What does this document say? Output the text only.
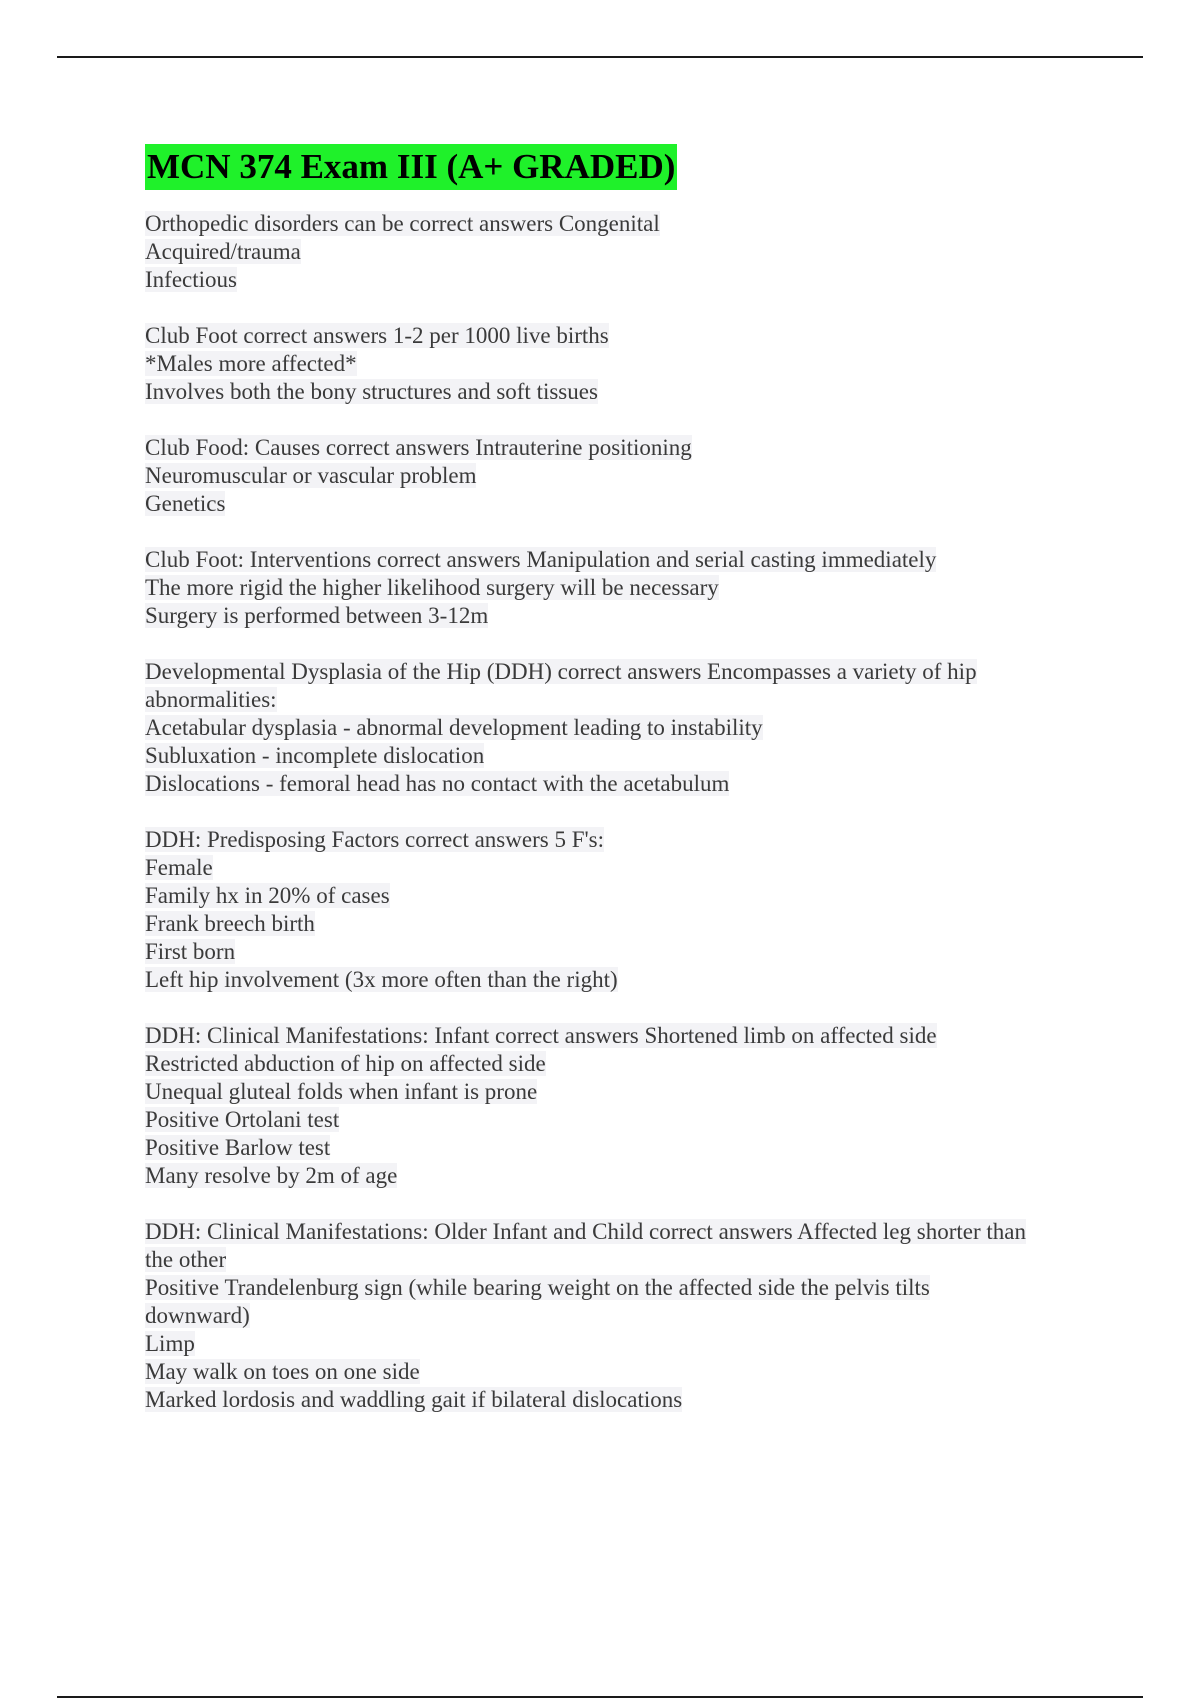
MCN 374 Exam III (A+ GRADED)
Orthopedic disorders can be correct answers Congenital
Acquired/trauma
Infectious
Club Foot correct answers 1-2 per 1000 live births
*Males more affected*
Involves both the bony structures and soft tissues
Club Food: Causes correct answers Intrauterine positioning
Neuromuscular or vascular problem
Genetics
Club Foot: Interventions correct answers Manipulation and serial casting immediately
The more rigid the higher likelihood surgery will be necessary
Surgery is performed between 3-12m
Developmental Dysplasia of the Hip (DDH) correct answers Encompasses a variety of hip
abnormalities:
Acetabular dysplasia - abnormal development leading to instability
Subluxation - incomplete dislocation
Dislocations - femoral head has no contact with the acetabulum
DDH: Predisposing Factors correct answers 5 F's:
Female
Family hx in 20% of cases
Frank breech birth
First born
Left hip involvement (3x more often than the right)
DDH: Clinical Manifestations: Infant correct answers Shortened limb on affected side
Restricted abduction of hip on affected side
Unequal gluteal folds when infant is prone
Positive Ortolani test
Positive Barlow test
Many resolve by 2m of age
DDH: Clinical Manifestations: Older Infant and Child correct answers Affected leg shorter than
the other
Positive Trandelenburg sign (while bearing weight on the affected side the pelvis tilts
downward)
Limp
May walk on toes on one side
Marked lordosis and waddling gait if bilateral dislocations
